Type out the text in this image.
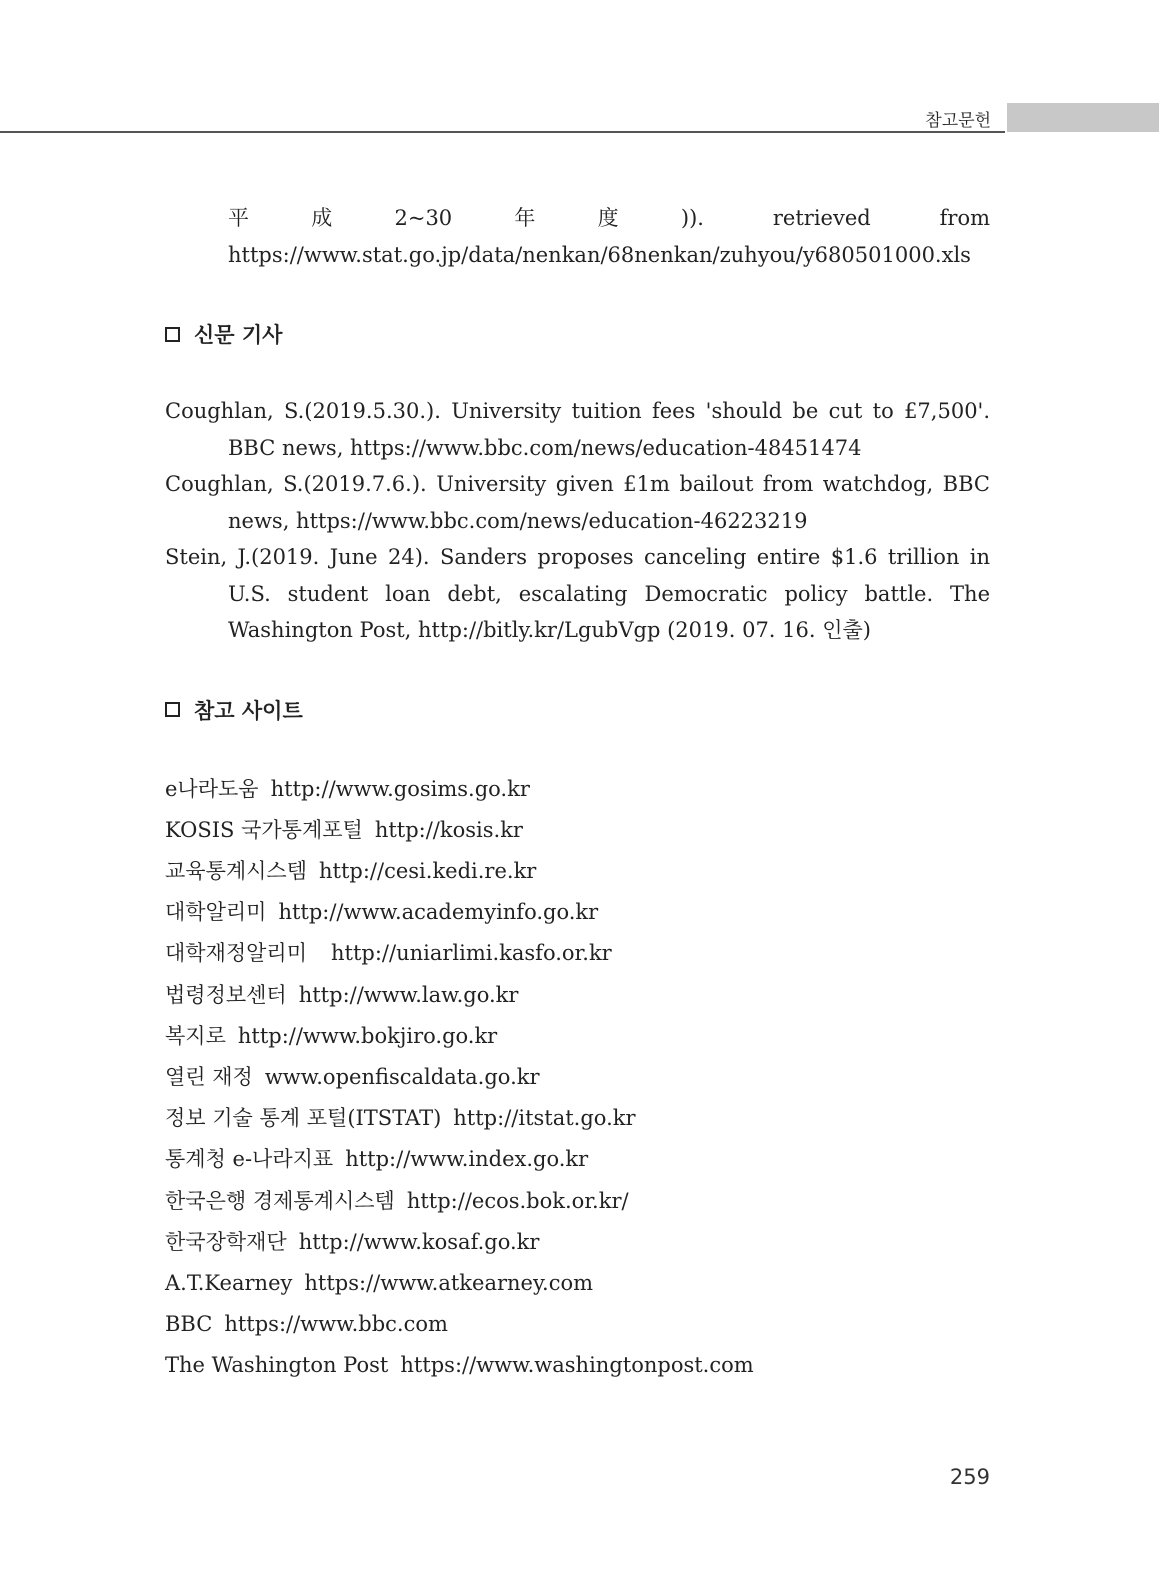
참고문헌
平成2~30年度)). retrieved from https://www.stat.go.jp/data/nenkan/68nenkan/zuhyou/y680501000.xls
신문 기사
Coughlan, S.(2019.5.30.). University tuition fees 'should be cut to £7,500'. BBC news, https://www.bbc.com/news/education-48451474
Coughlan, S.(2019.7.6.). University given £1m bailout from watchdog, BBC news, https://www.bbc.com/news/education-46223219
Stein, J.(2019. June 24). Sanders proposes canceling entire $1.6 trillion in U.S. student loan debt, escalating Democratic policy battle. The Washington Post, http://bitly.kr/LgubVgp (2019. 07. 16. 인출)
참고 사이트
e나라도움 http://www.gosims.go.kr
KOSIS 국가통계포털 http://kosis.kr
교육통계시스템 http://cesi.kedi.re.kr
대학알리미 http://www.academyinfo.go.kr
대학재정알리미 http://uniarlimi.kasfo.or.kr
법령정보센터 http://www.law.go.kr
복지로 http://www.bokjiro.go.kr
열린 재정 www.openfiscaldata.go.kr
정보 기술 통계 포털(ITSTAT) http://itstat.go.kr
통계청 e-나라지표 http://www.index.go.kr
한국은행 경제통계시스템 http://ecos.bok.or.kr/
한국장학재단 http://www.kosaf.go.kr
A.T.Kearney https://www.atkearney.com
BBC https://www.bbc.com
The Washington Post https://www.washingtonpost.com
259
